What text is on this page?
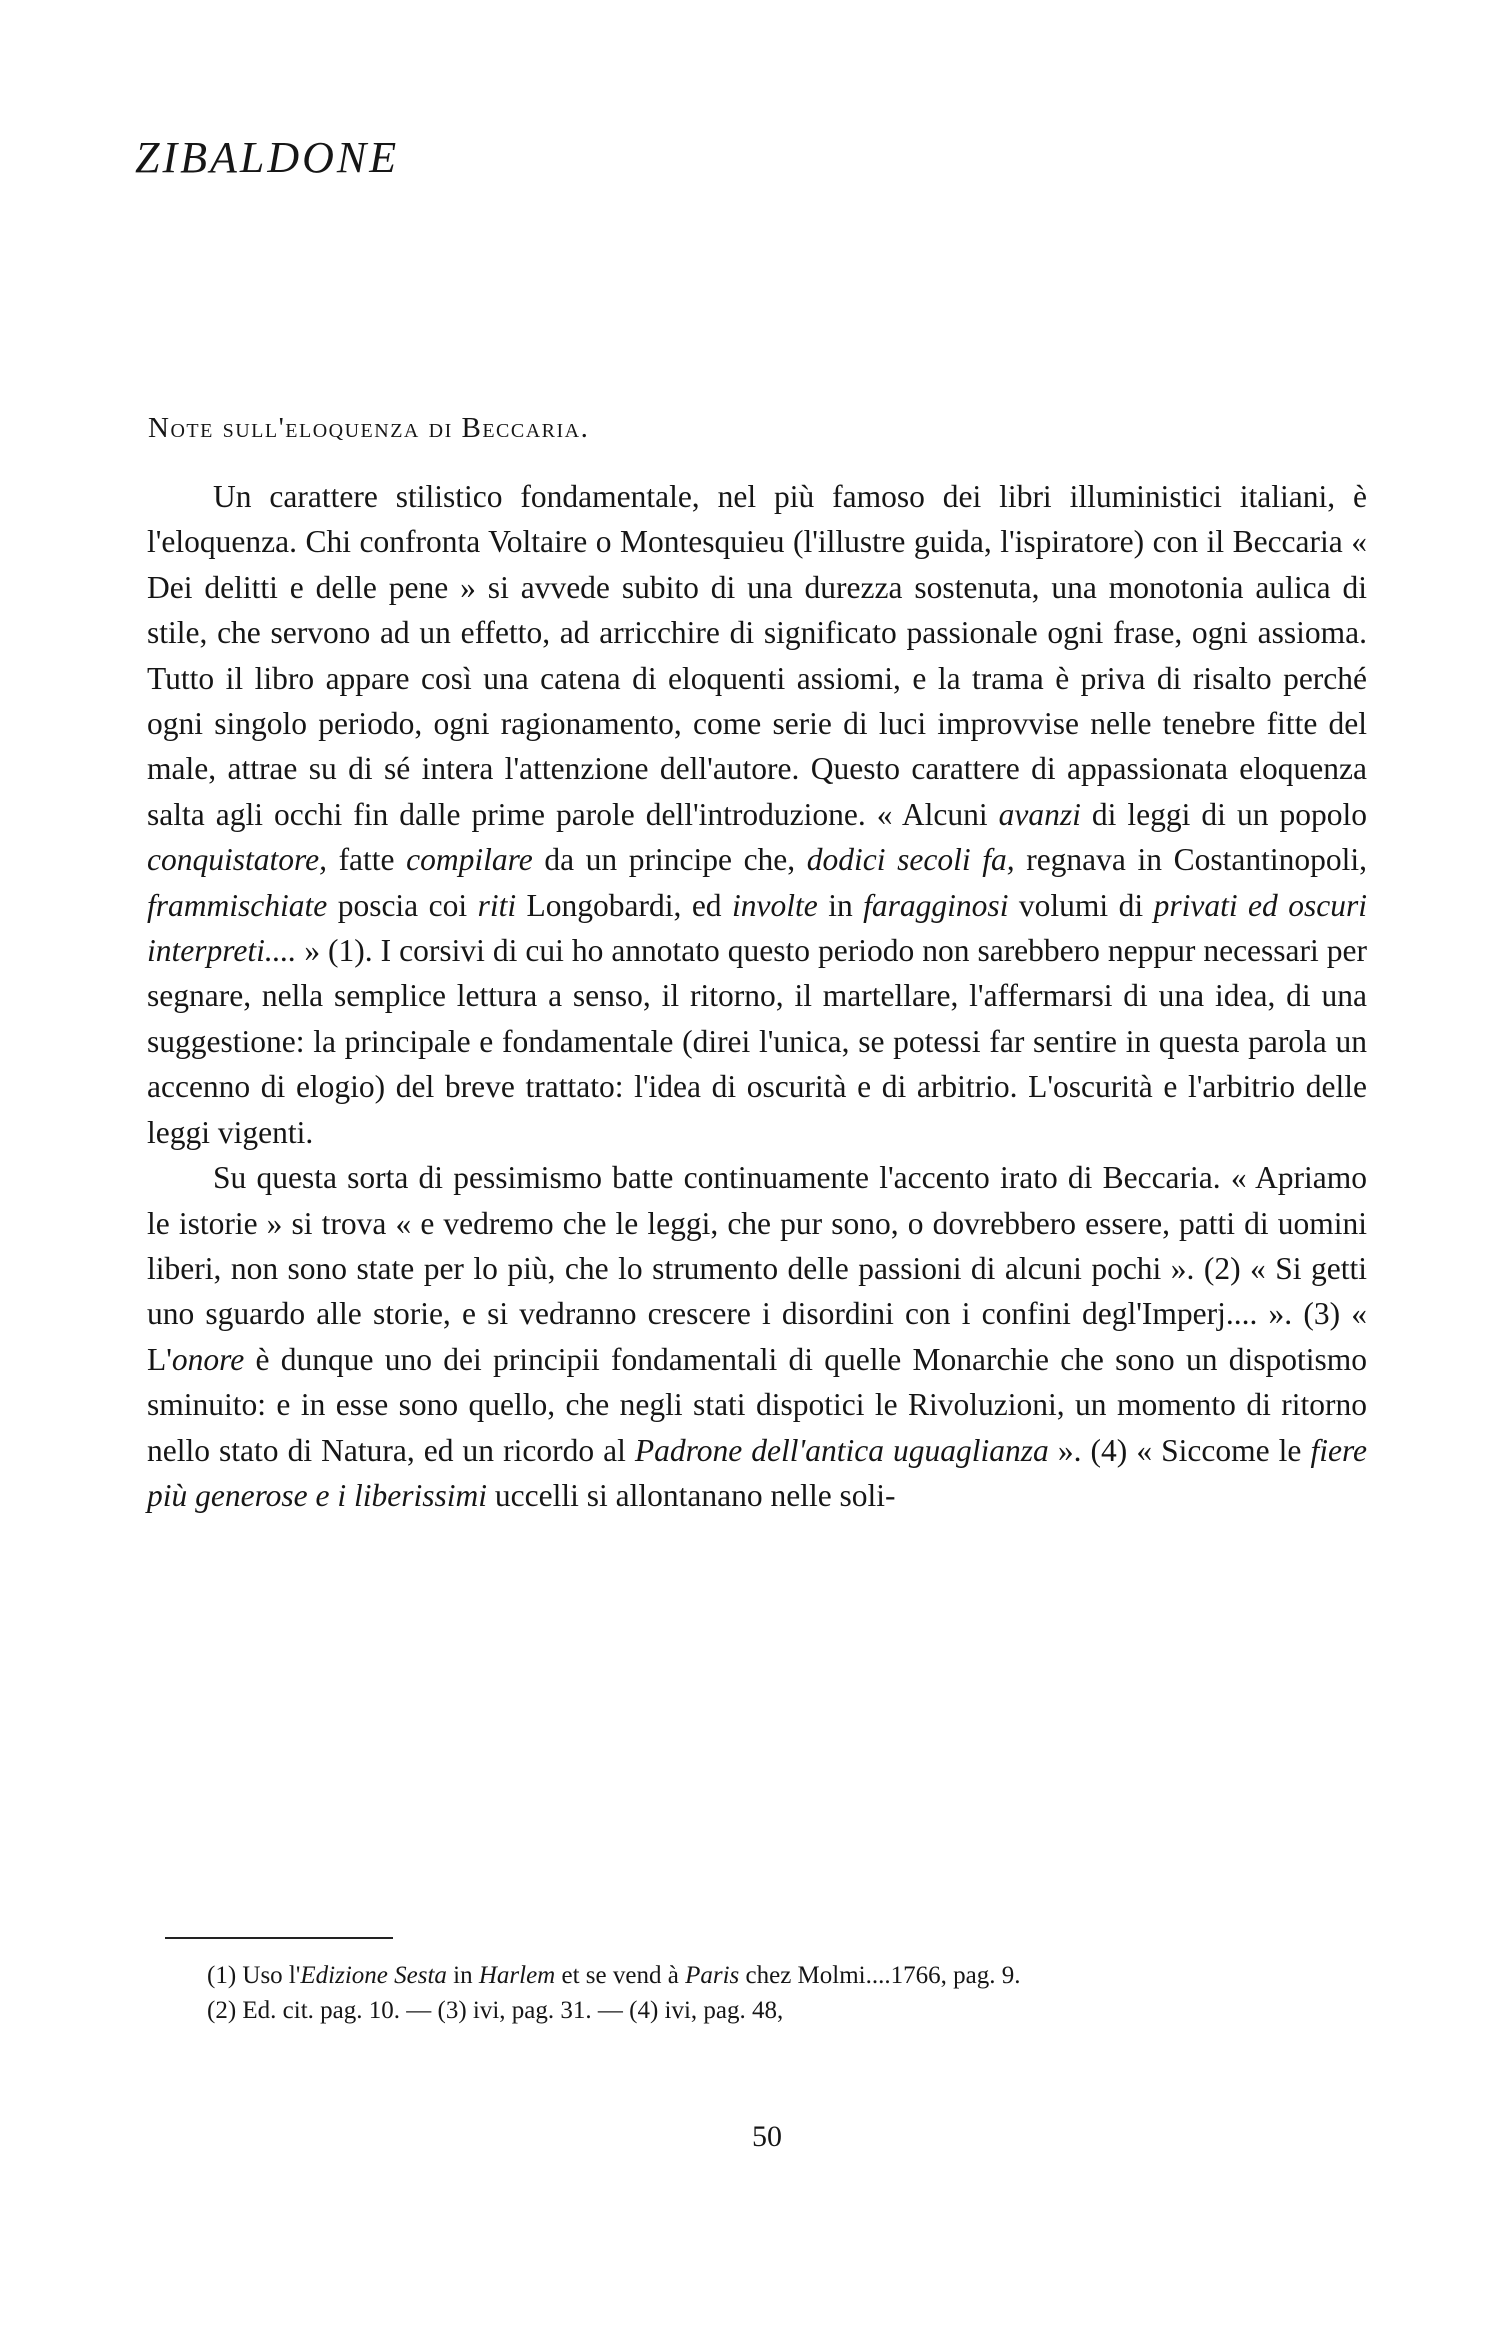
ZIBALDONE
Note sull'eloquenza di Beccaria.

Un carattere stilistico fondamentale, nel più famoso dei libri illuministici italiani, è l'eloquenza. Chi confronta Voltaire o Montesquieu (l'illustre guida, l'ispiratore) con il Beccaria « Dei delitti e delle pene » si avvede subito di una durezza sostenuta, una monotonia aulica di stile, che servono ad un effetto, ad arricchire di significato passionale ogni frase, ogni assioma. Tutto il libro appare così una catena di eloquenti assiomi, e la trama è priva di risalto perché ogni singolo periodo, ogni ragionamento, come serie di luci improvvise nelle tenebre fitte del male, attrae su di sé intera l'attenzione dell'autore. Questo carattere di appassionata eloquenza salta agli occhi fin dalle prime parole dell'introduzione. « Alcuni avanzi di leggi di un popolo conquistatore, fatte compilare da un principe che, dodici secoli fa, regnava in Costantinopoli, frammischiate poscia coi riti Longobardi, ed involte in faragginosi volumi di privati ed oscuri interpreti.... » (1). I corsivi di cui ho annotato questo periodo non sarebbero neppur necessari per segnare, nella semplice lettura a senso, il ritorno, il martellare, l'affermarsi di una idea, di una suggestione: la principale e fondamentale (direi l'unica, se potessi far sentire in questa parola un accenno di elogio) del breve trattato: l'idea di oscurità e di arbitrio. L'oscurità e l'arbitrio delle leggi vigenti.

Su questa sorta di pessimismo batte continuamente l'accento irato di Beccaria. « Apriamo le istorie » si trova « e vedremo che le leggi, che pur sono, o dovrebbero essere, patti di uomini liberi, non sono state per lo più, che lo strumento delle passioni di alcuni pochi ». (2) « Si getti uno sguardo alle storie, e si vedranno crescere i disordini con i confini degl'Imperj.... ». (3) « L'onore è dunque uno dei principii fondamentali di quelle Monarchie che sono un dispotismo sminuito: e in esse sono quello, che negli stati dispotici le Rivoluzioni, un momento di ritorno nello stato di Natura, ed un ricordo al Padrone dell'antica uguaglianza ». (4) « Siccome le fiere più generose e i liberissimi uccelli si allontanano nelle soli-

(1) Uso l'Edizione Sesta in Harlem et se vend à Paris chez Molmi....1766, pag. 9.

(2) Ed. cit. pag. 10. — (3) ivi, pag. 31. — (4) ivi, pag. 48,

50
